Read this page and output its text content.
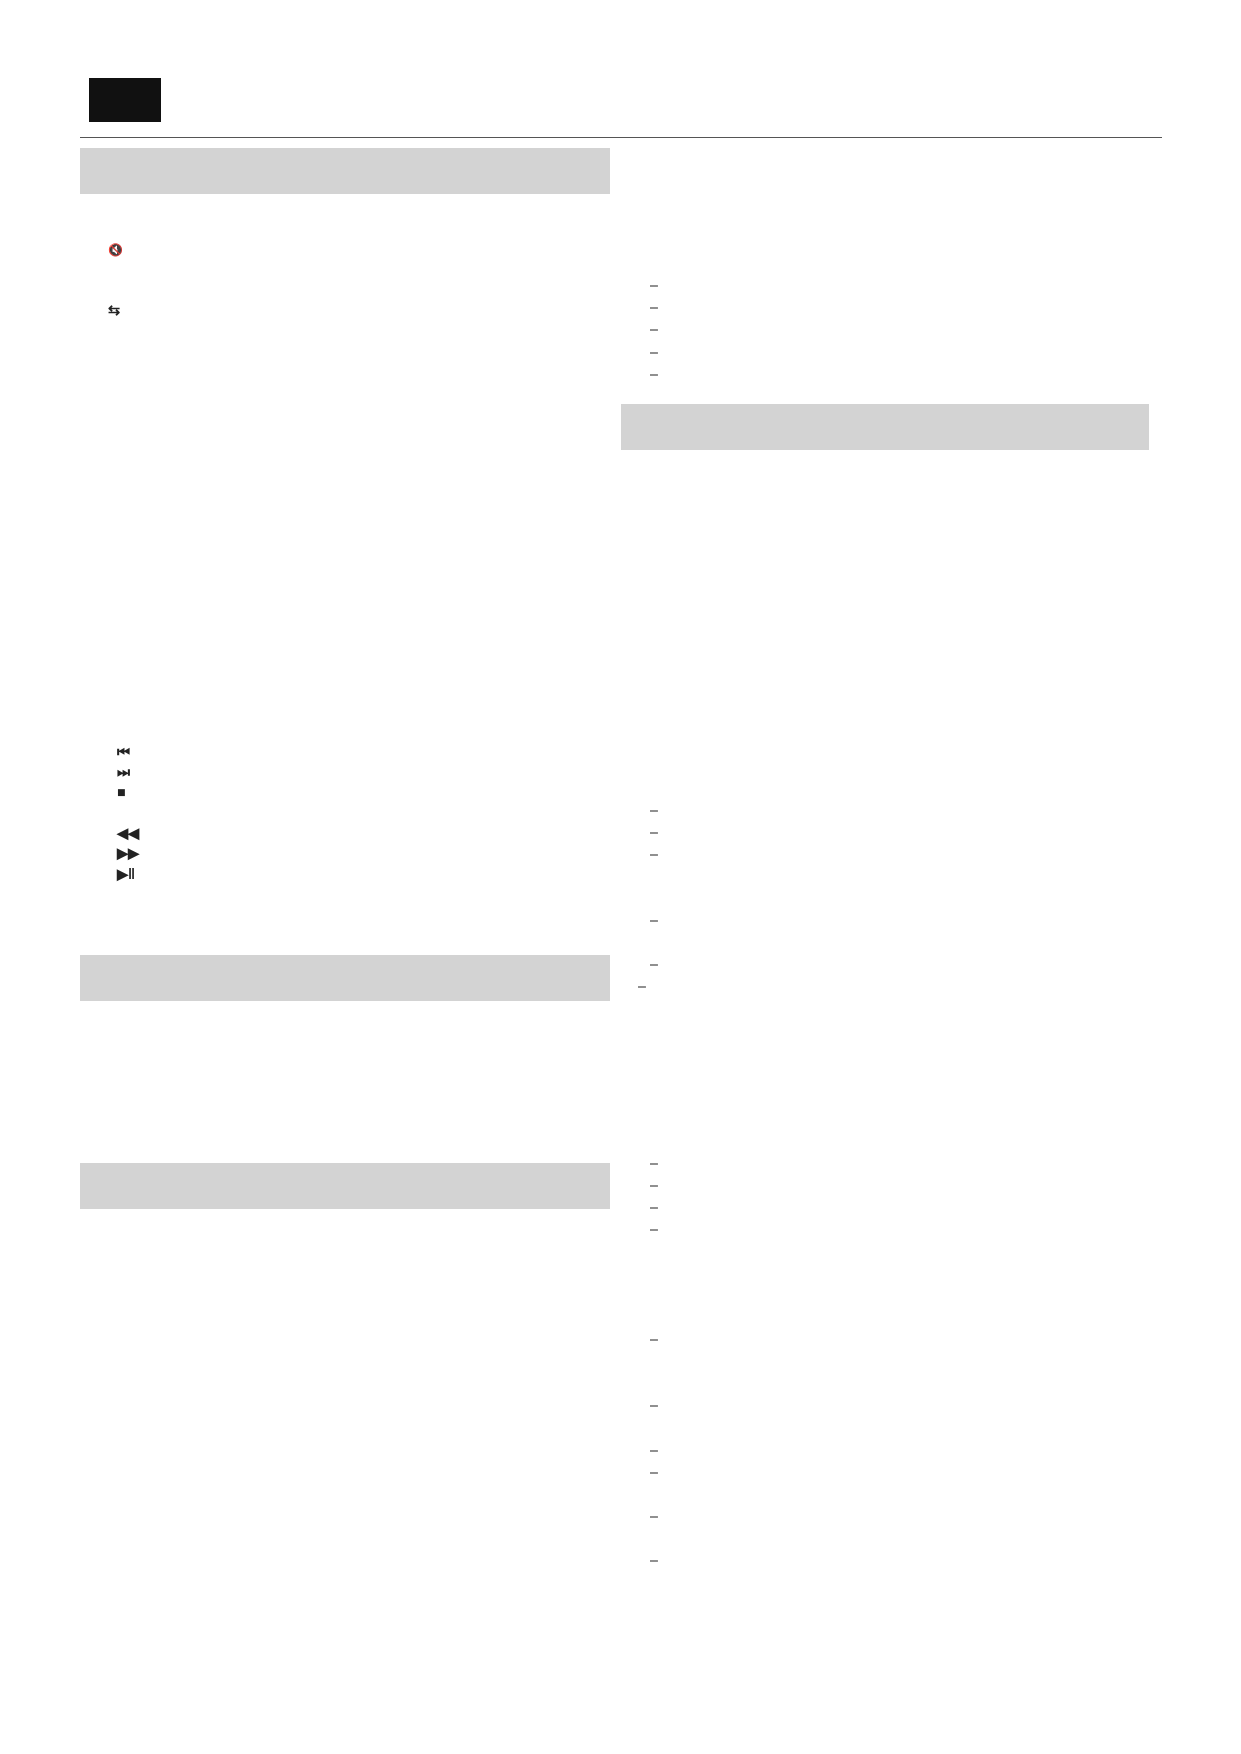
🔇
⇆
⏮
⏭
■
◀◀
▶▶
▶‖
–
–
–
–
–
–
–
–
–
–
–
–
–
–
–
–
–
–
–
–
–
